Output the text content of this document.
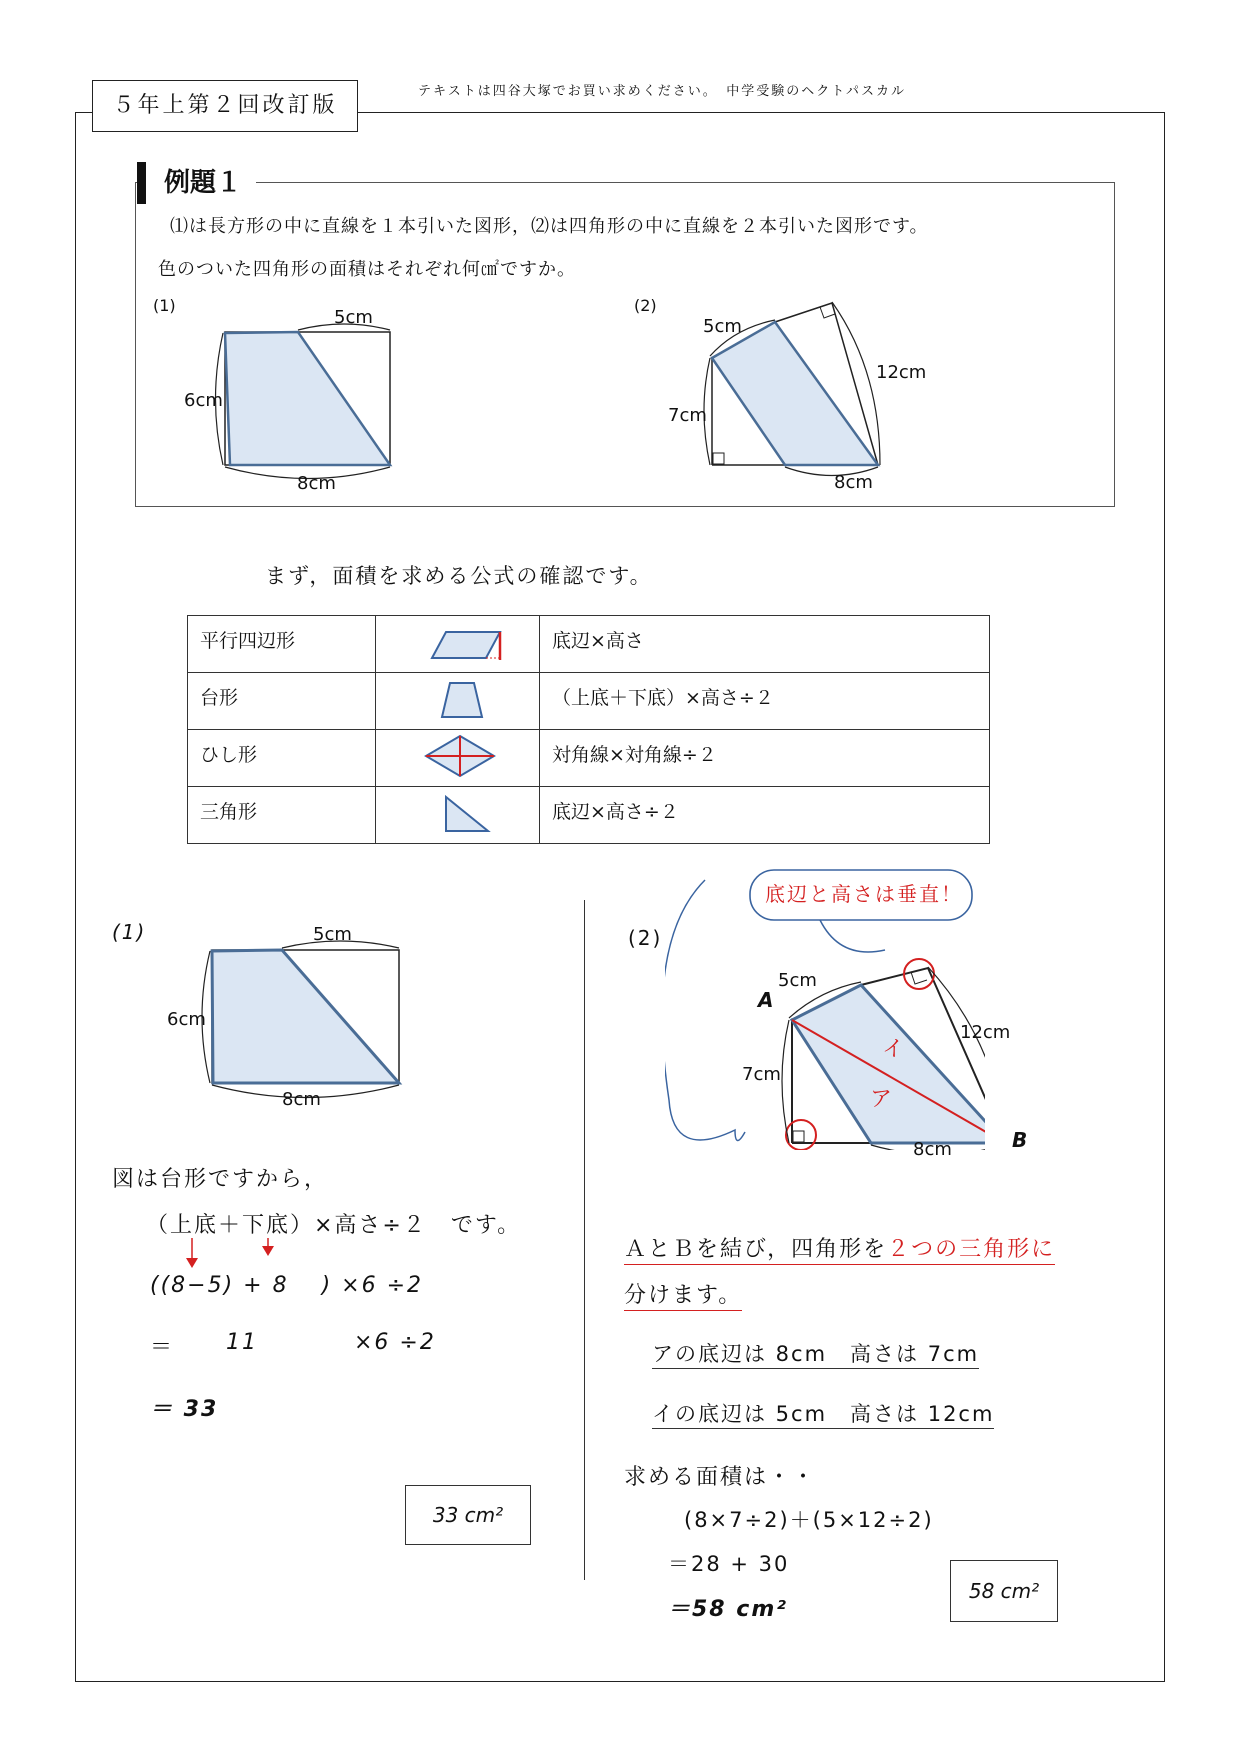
５年上第２回改訂版
テキストは四谷大塚でお買い求めください。　中学受験のヘクトパスカル
例題１
⑴は長方形の中に直線を１本引いた図形，⑵は四角形の中に直線を２本引いた図形です。
色のついた四角形の面積はそれぞれ何㎠ですか。
(1)
5cm
6cm
8cm
(2)
5cm
7cm
12cm
8cm
まず，面積を求める公式の確認です。
平行四辺形		底辺×高さ
台形		（上底＋下底）×高さ÷２
ひし形		対角線×対角線÷２
三角形		底辺×高さ÷２
(1)	5cm
6cm
8cm
図は台形ですから，
（上底＋下底）×高さ÷２　です。
((8−5) + 8　 ) ×6 ÷2
＝ 11	×6 ÷2
＝ 33
33 cm²
(2)
底辺と高さは垂直！
5cm
7cm
12cm
8cm
A
B
ア
イ
ＡとＢを結び，四角形を２つの三角形に
分けます。
アの底辺は 8cm　高さは 7cm
イの底辺は 5cm　高さは 12cm
求める面積は・・
(8×7÷2)＋(5×12÷2)
＝28 + 30
＝58 cm²
58 cm²
